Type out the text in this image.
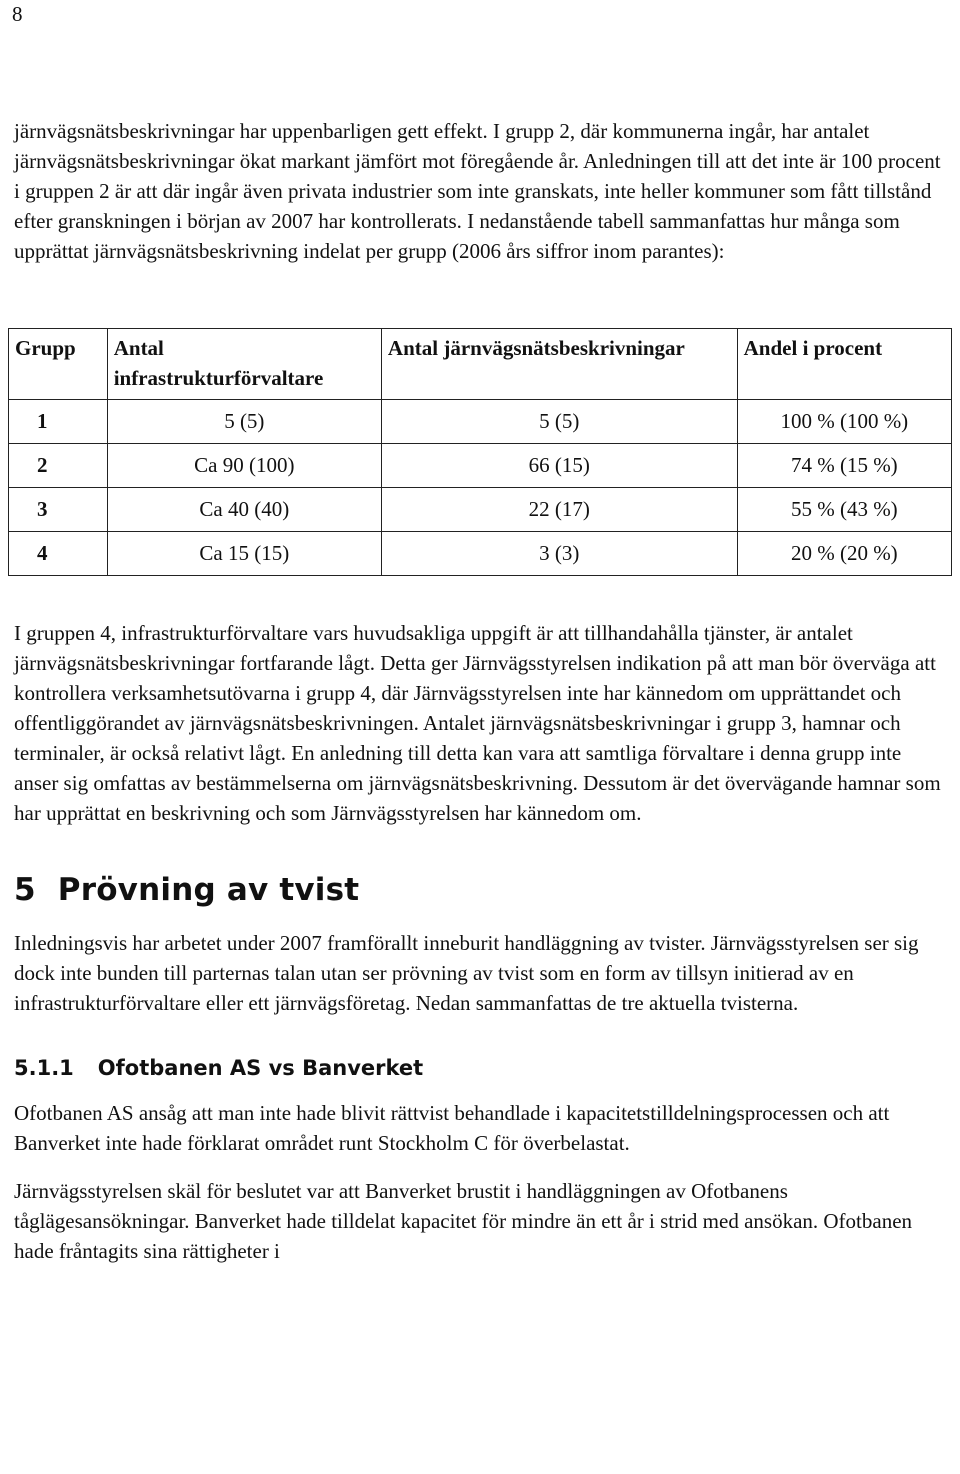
8

järnvägsnätsbeskrivningar har uppenbarligen gett effekt. I grupp 2, där kommunerna ingår, har antalet järnvägsnätsbeskrivningar ökat markant jämfört mot föregående år. Anledningen till att det inte är 100 procent i gruppen 2 är att där ingår även privata industrier som inte granskats, inte heller kommuner som fått tillstånd efter granskningen i början av 2007 har kontrollerats. I nedanstående tabell sammanfattas hur många som upprättat järnvägsnätsbeskrivning indelat per grupp (2006 års siffror inom parantes):

Grupp	Antal infrastrukturförvaltare	Antal järnvägsnätsbeskrivningar	Andel i procent
1	5 (5)	5 (5)	100 % (100 %)
2	Ca 90 (100)	66 (15)	74 % (15 %)
3	Ca 40 (40)	22 (17)	55 % (43 %)
4	Ca 15 (15)	3 (3)	20 % (20 %)

I gruppen 4, infrastrukturförvaltare vars huvudsakliga uppgift är att tillhandahålla tjänster, är antalet järnvägsnätsbeskrivningar fortfarande lågt. Detta ger Järnvägsstyrelsen indikation på att man bör överväga att kontrollera verksamhetsutövarna i grupp 4, där Järnvägsstyrelsen inte har kännedom om upprättandet och offentliggörandet av järnvägsnätsbeskrivningen. Antalet järnvägsnätsbeskrivningar i grupp 3, hamnar och terminaler, är också relativt lågt. En anledning till detta kan vara att samtliga förvaltare i denna grupp inte anser sig omfattas av bestämmelserna om järnvägsnätsbeskrivning. Dessutom är det övervägande hamnar som har upprättat en beskrivning och som Järnvägsstyrelsen har kännedom om.

5 Prövning av tvist

Inledningsvis har arbetet under 2007 framförallt inneburit handläggning av tvister. Järnvägsstyrelsen ser sig dock inte bunden till parternas talan utan ser prövning av tvist som en form av tillsyn initierad av en infrastrukturförvaltare eller ett järnvägsföretag. Nedan sammanfattas de tre aktuella tvisterna.

5.1.1 Ofotbanen AS vs Banverket

Ofotbanen AS ansåg att man inte hade blivit rättvist behandlade i kapacitetstilldelningsprocessen och att Banverket inte hade förklarat området runt Stockholm C för överbelastat.

Järnvägsstyrelsen skäl för beslutet var att Banverket brustit i handläggningen av Ofotbanens tåglägesansökningar. Banverket hade tilldelat kapacitet för mindre än ett år i strid med ansökan. Ofotbanen hade fråntagits sina rättigheter i
